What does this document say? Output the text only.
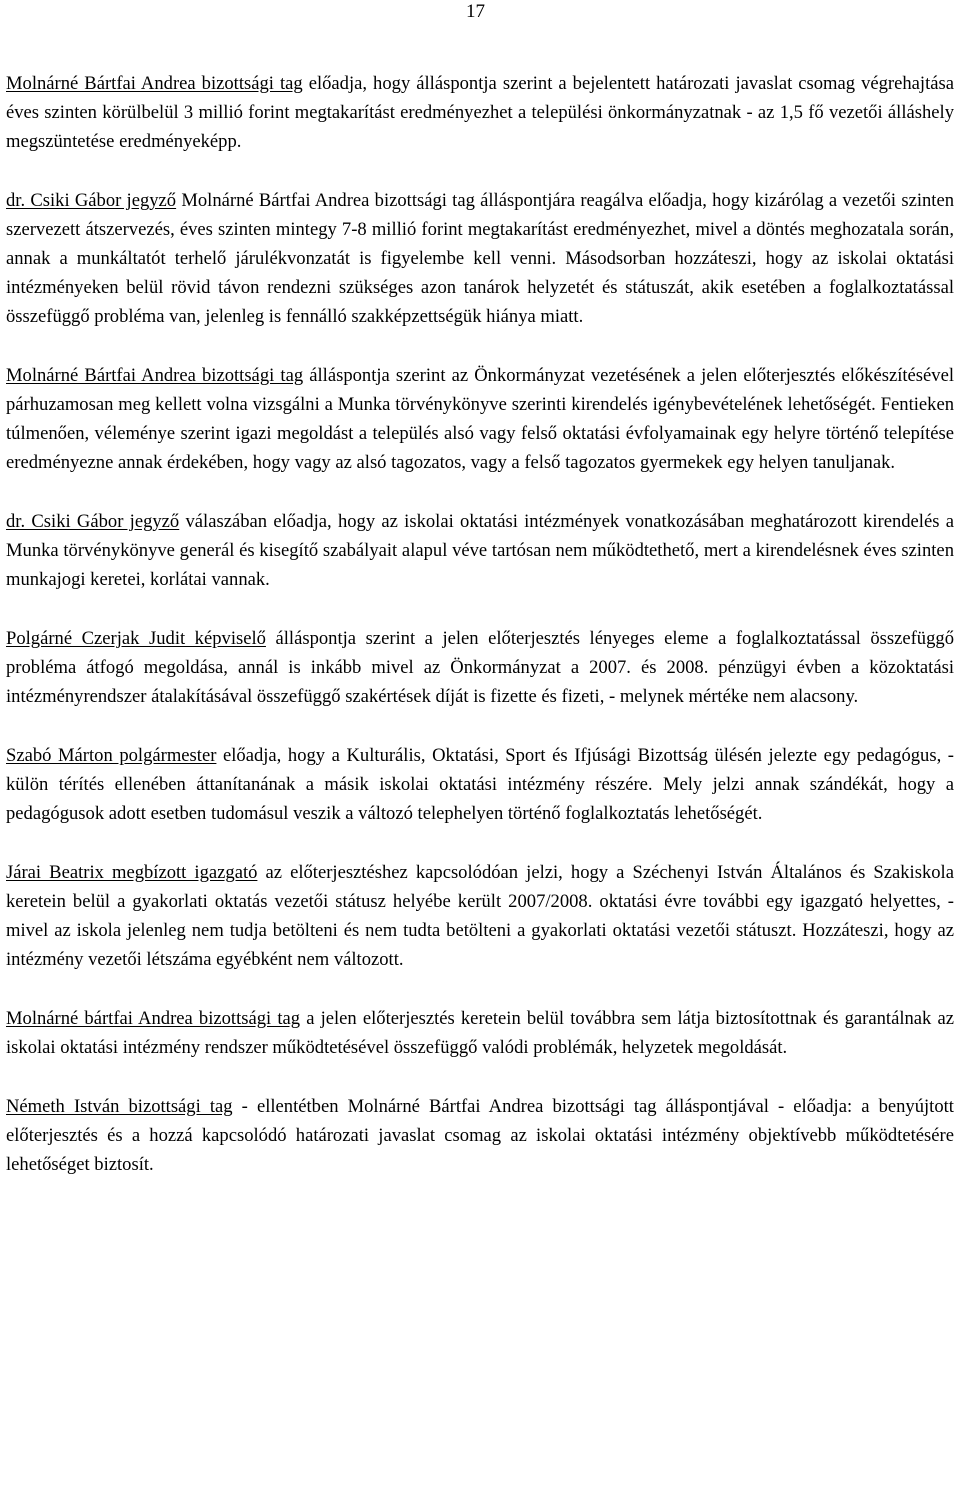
17

Molnárné Bártfai Andrea bizottsági tag előadja, hogy álláspontja szerint a bejelentett határozati javaslat csomag végrehajtása éves szinten körülbelül 3 millió forint megtakarítást eredményezhet a települési önkormányzatnak - az 1,5 fő vezetői álláshely megszüntetése eredményeképp.

dr. Csiki Gábor jegyző Molnárné Bártfai Andrea bizottsági tag álláspontjára reagálva előadja, hogy kizárólag a vezetői szinten szervezett átszervezés, éves szinten mintegy 7-8 millió forint megtakarítást eredményezhet, mivel a döntés meghozatala során, annak a munkáltatót terhelő járulékvonzatát is figyelembe kell venni. Másodsorban hozzáteszi, hogy az iskolai oktatási intézményeken belül rövid távon rendezni szükséges azon tanárok helyzetét és státuszát, akik esetében a foglalkoztatással összefüggő probléma van, jelenleg is fennálló szakképzettségük hiánya miatt.

Molnárné Bártfai Andrea bizottsági tag álláspontja szerint az Önkormányzat vezetésének a jelen előterjesztés előkészítésével párhuzamosan meg kellett volna vizsgálni a Munka törvénykönyve szerinti kirendelés igénybevételének lehetőségét. Fentieken túlmenően, véleménye szerint igazi megoldást a település alsó vagy felső oktatási évfolyamainak egy helyre történő telepítése eredményezne annak érdekében, hogy vagy az alsó tagozatos, vagy a felső tagozatos gyermekek egy helyen tanuljanak.

dr. Csiki Gábor jegyző válaszában előadja, hogy az iskolai oktatási intézmények vonatkozásában meghatározott kirendelés a Munka törvénykönyve generál és kisegítő szabályait alapul véve tartósan nem működtethető, mert a kirendelésnek éves szinten munkajogi keretei, korlátai vannak.

Polgárné Czerjak Judit képviselő álláspontja szerint a jelen előterjesztés lényeges eleme a foglalkoztatással összefüggő probléma átfogó megoldása, annál is inkább mivel az Önkormányzat a 2007. és 2008. pénzügyi évben a közoktatási intézményrendszer átalakításával összefüggő szakértések díját is fizette és fizeti, - melynek mértéke nem alacsony.

Szabó Márton polgármester előadja, hogy a Kulturális, Oktatási, Sport és Ifjúsági Bizottság ülésén jelezte egy pedagógus, - külön térítés ellenében áttanítanának a másik iskolai oktatási intézmény részére. Mely jelzi annak szándékát, hogy a pedagógusok adott esetben tudomásul veszik a változó telephelyen történő foglalkoztatás lehetőségét.

Járai Beatrix megbízott igazgató az előterjesztéshez kapcsolódóan jelzi, hogy a Széchenyi István Általános és Szakiskola keretein belül a gyakorlati oktatás vezetői státusz helyébe került 2007/2008. oktatási évre további egy igazgató helyettes, - mivel az iskola jelenleg nem tudja betölteni és nem tudta betölteni a gyakorlati oktatási vezetői státuszt. Hozzáteszi, hogy az intézmény vezetői létszáma egyébként nem változott.

Molnárné bártfai Andrea bizottsági tag a jelen előterjesztés keretein belül továbbra sem látja biztosítottnak és garantálnak az iskolai oktatási intézmény rendszer működtetésével összefüggő valódi problémák, helyzetek megoldását.

Németh István bizottsági tag - ellentétben Molnárné Bártfai Andrea bizottsági tag álláspontjával - előadja: a benyújtott előterjesztés és a hozzá kapcsolódó határozati javaslat csomag az iskolai oktatási intézmény objektívebb működtetésére lehetőséget biztosít.
